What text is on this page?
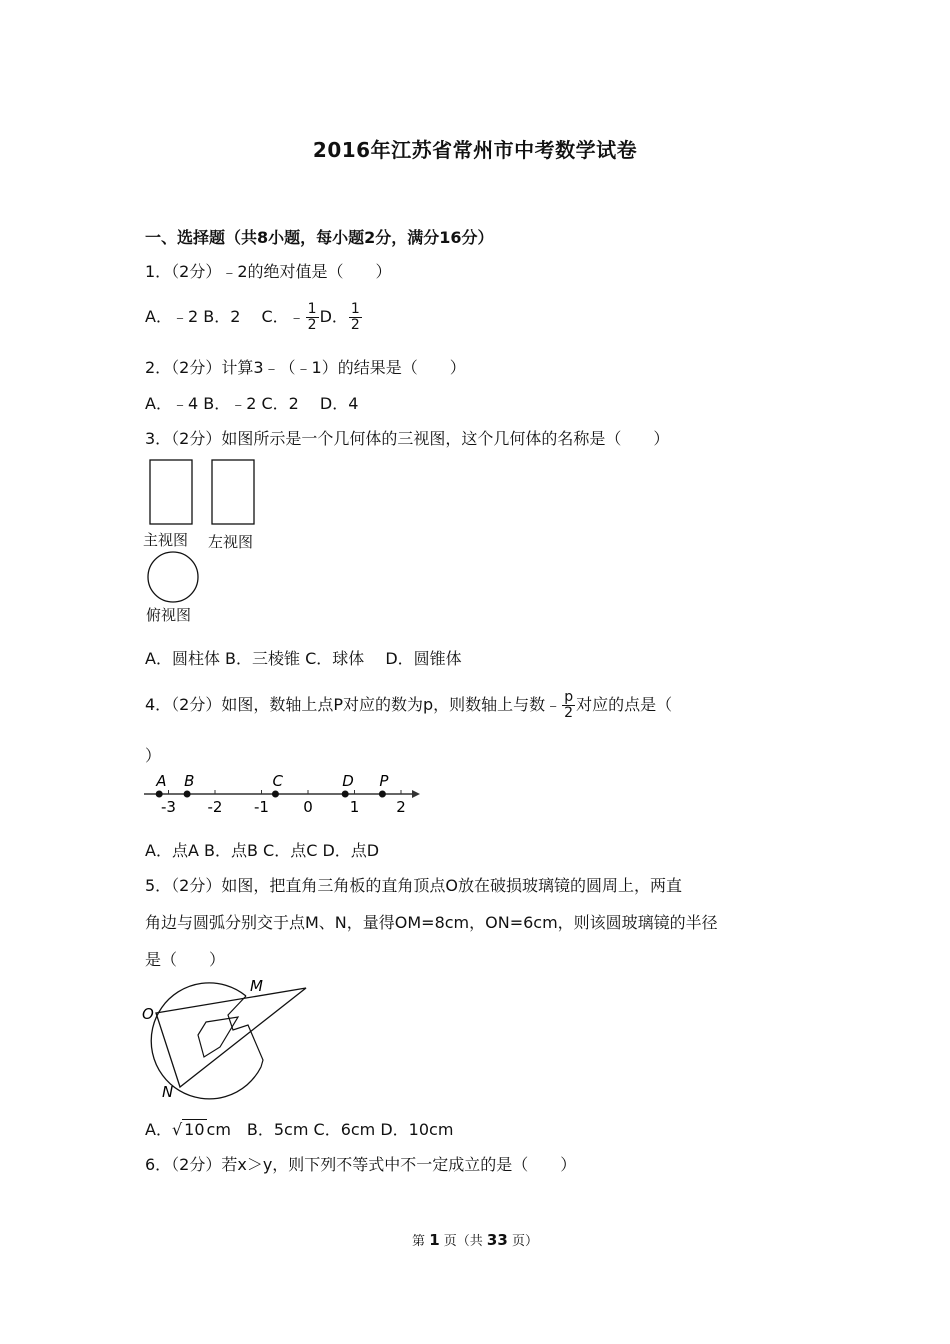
2016年江苏省常州市中考数学试卷
一、选择题（共8小题，每小题2分，满分16分）
1．（2分）﹣2的绝对值是（　　）
A．﹣2 B．2　 C．﹣ $\frac{1}{2}$ D． $\frac{1}{2}$
2．（2分）计算3﹣（﹣1）的结果是（　　）
A．﹣4 B．﹣2 C．2　 D．4
3．（2分）如图所示是一个几何体的三视图，这个几何体的名称是（　　）
主视图 左视图
俯视图
A．圆柱体 B．三棱锥 C．球体　 D．圆锥体
4．（2分）如图，数轴上点P对应的数为p，则数轴上与数﹣ $\frac{p}{2}$ 对应的点是（
）
-3 -2 -1 0 1 2
A B	C	D P
A．点A B．点B C．点C D．点D
5．（2分）如图，把直角三角板的直角顶点O放在破损玻璃镜的圆周上，两直
角边与圆弧分别交于点M、N，量得OM=8cm，ON=6cm，则该圆玻璃镜的半径
是（　　）
O
M
N
A．√ 10 cm　B．5cm C．6cm D．10cm
6．（2分）若x＞y，则下列不等式中不一定成立的是（　　）
第 1 页（共 33 页）
